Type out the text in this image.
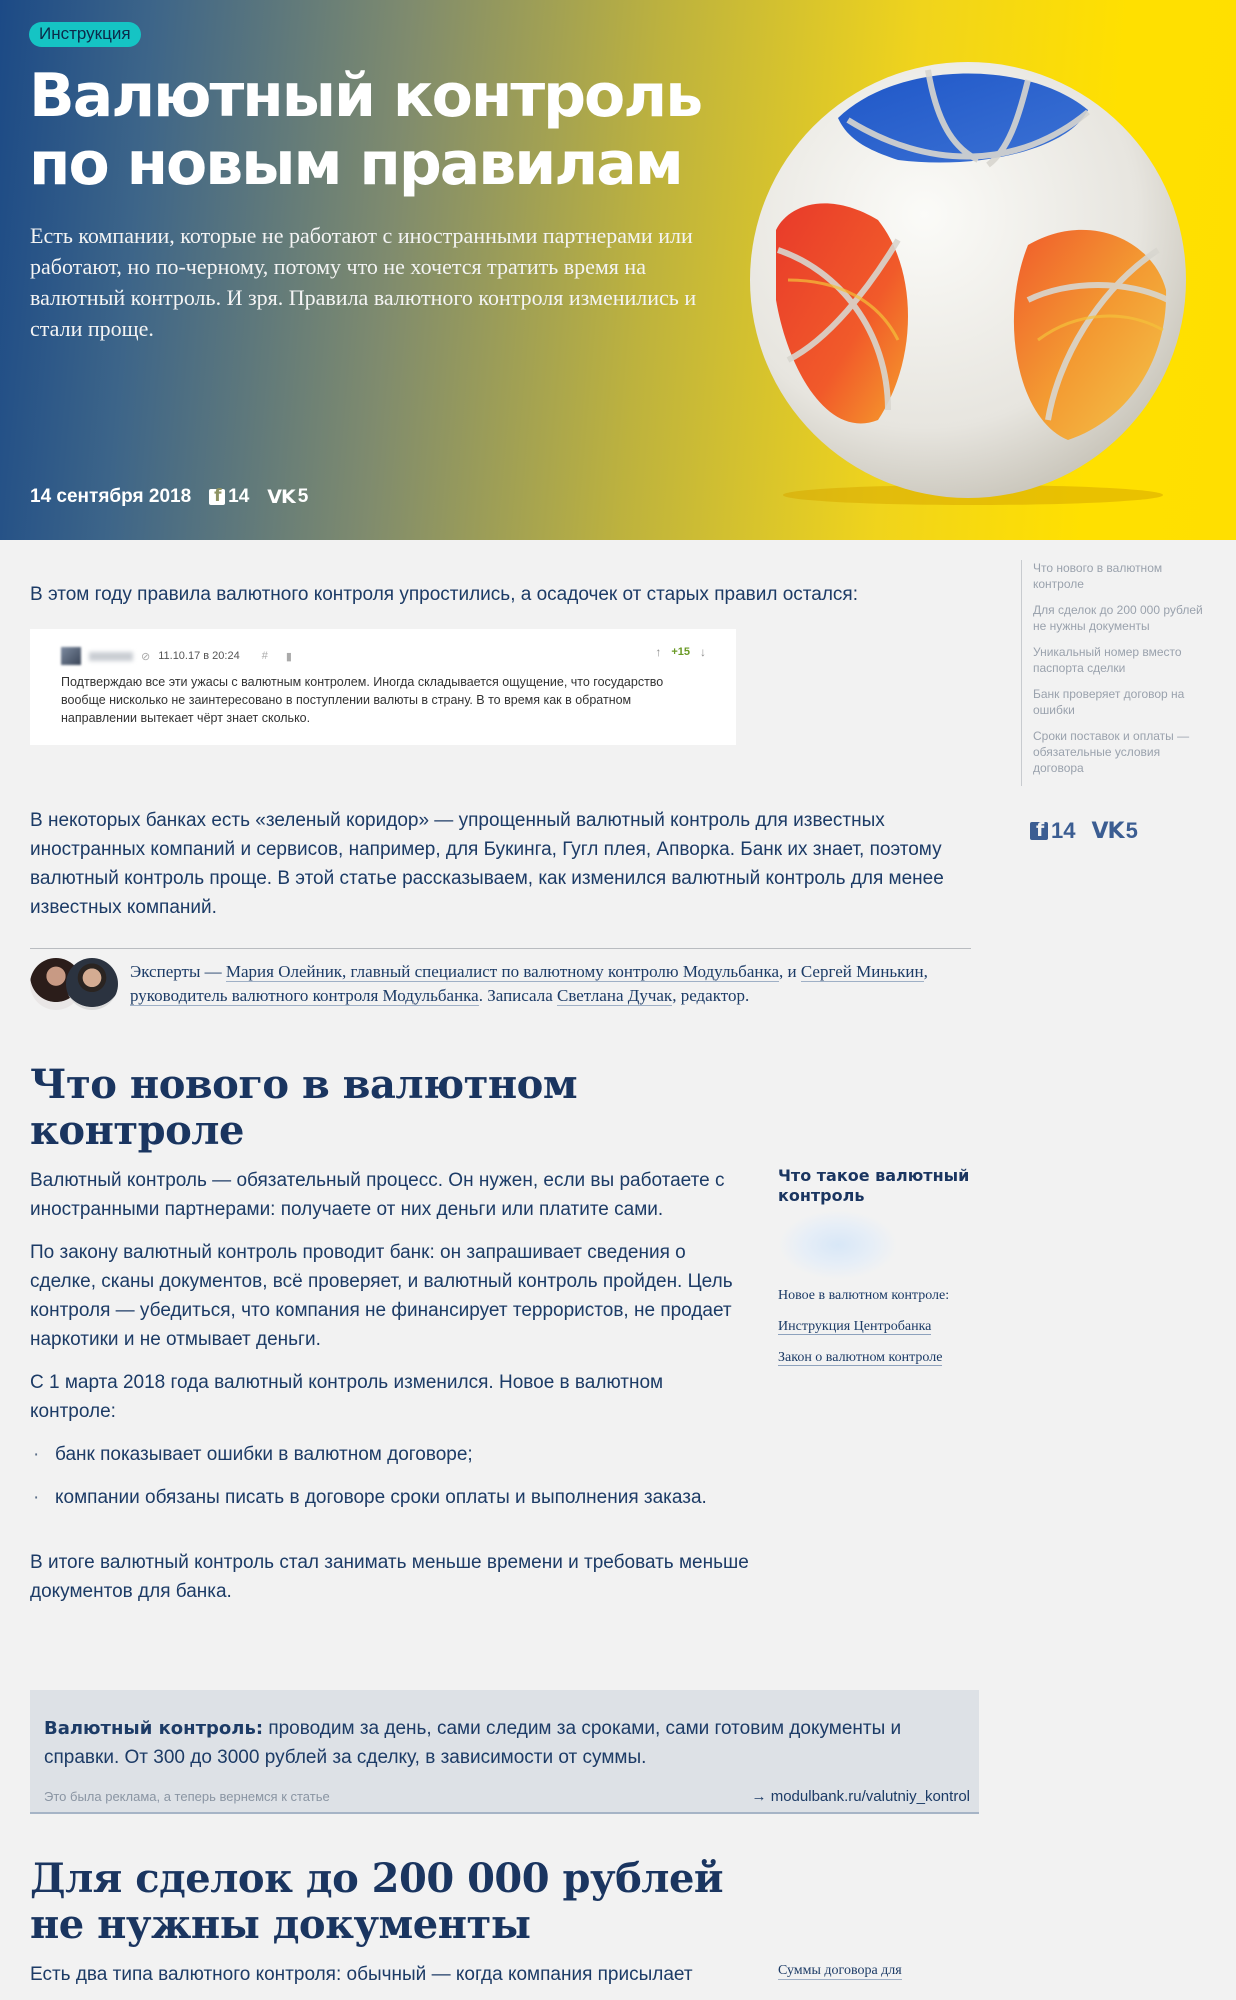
Инструкция
Валютный контроль по новым правилам

Есть компании, которые не работают с иностранными партнерами или работают, но по-черному, потому что не хочется тратить время на валютный контроль. И зря. Правила валютного контроля изменились и стали проще.

14 сентября 2018
f 14 VK 5

В этом году правила валютного контроля упростились, а осадочек от старых правил остался:

⊘ 11.10.17 в 20:24 # ▮	↑ +15 ↓
Подтверждаю все эти ужасы с валютным контролем. Иногда складывается ощущение, что государство вообще нисколько не заинтересовано в поступлении валюты в страну. В то время как в обратном направлении вытекает чёрт знает сколько.

В некоторых банках есть «зеленый коридор» — упрощенный валютный контроль для известных иностранных компаний и сервисов, например, для Букинга, Гугл плея, Апворка. Банк их знает, поэтому валютный контроль проще. В этой статье рассказываем, как изменился валютный контроль для менее известных компаний.

Эксперты — Мария Олейник, главный специалист по валютному контролю Модульбанка, и Сергей Минькин, руководитель валютного контроля Модульбанка. Записала Светлана Дучак, редактор.

Что нового в валютном контроле

Валютный контроль — обязательный процесс. Он нужен, если вы работаете с иностранными партнерами: получаете от них деньги или платите сами.

По закону валютный контроль проводит банк: он запрашивает сведения о сделке, сканы документов, всё проверяет, и валютный контроль пройден. Цель контроля — убедиться, что компания не финансирует террористов, не продает наркотики и не отмывает деньги.

С 1 марта 2018 года валютный контроль изменился. Новое в валютном контроле:

· банк показывает ошибки в валютном договоре;
· компании обязаны писать в договоре сроки оплаты и выполнения заказа.

В итоге валютный контроль стал занимать меньше времени и требовать меньше документов для банка.

Что такое валютный контроль

Новое в валютном контроле:

Инструкция Центробанка

Закон о валютном контроле

Валютный контроль: проводим за день, сами следим за сроками, сами готовим документы и справки. От 300 до 3000 рублей за сделку, в зависимости от суммы.

Это была реклама, а теперь вернемся к статье	→ modulbank.ru/valutniy_kontrol
Для сделок до 200 000 рублей не нужны документы

Есть два типа валютного контроля: обычный — когда компания присылает	Суммы договора для
Что нового в валютном контроле
Для сделок до 200 000 рублей не нужны документы
Уникальный номер вместо паспорта сделки
Банк проверяет договор на ошибки
Сроки поставок и оплаты — обязательные условия договора
f
14 VK 5
